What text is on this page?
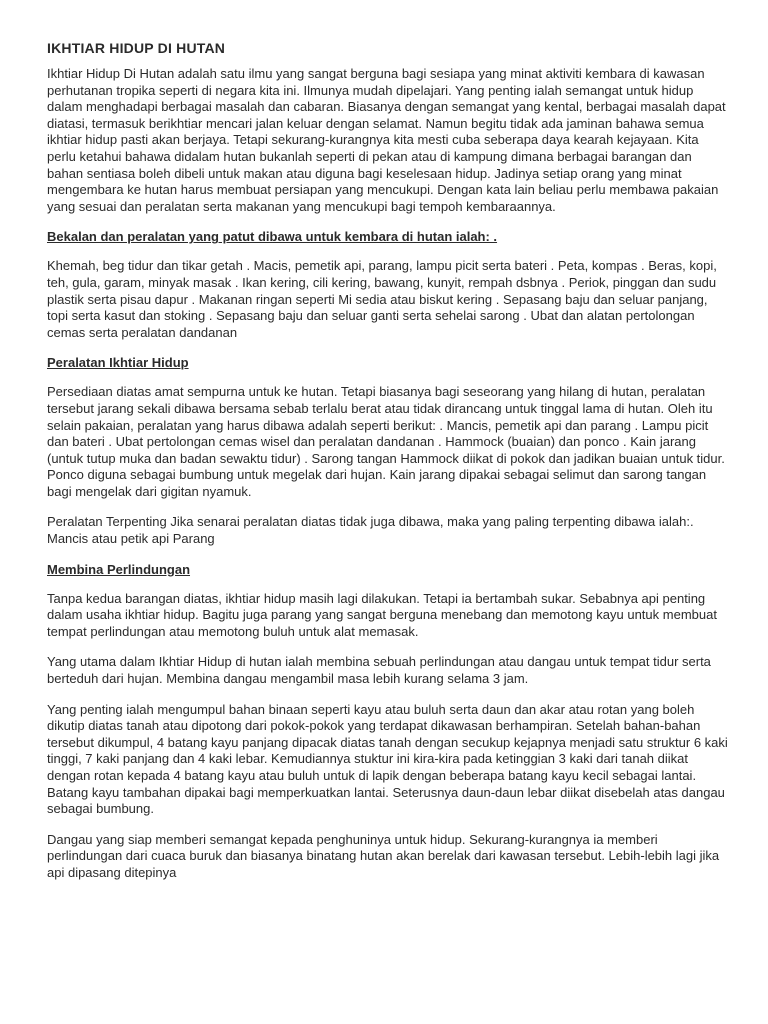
IKHTIAR HIDUP DI HUTAN

Ikhtiar Hidup Di Hutan adalah satu ilmu yang sangat berguna bagi sesiapa yang minat aktiviti kembara di kawasan perhutanan tropika seperti di negara kita ini. Ilmunya mudah dipelajari. Yang penting ialah semangat untuk hidup dalam menghadapi berbagai masalah dan cabaran. Biasanya dengan semangat yang kental, berbagai masalah dapat diatasi, termasuk berikhtiar mencari jalan keluar dengan selamat. Namun begitu tidak ada jaminan bahawa semua ikhtiar hidup pasti akan berjaya. Tetapi sekurang-kurangnya kita mesti cuba seberapa daya kearah kejayaan. Kita perlu ketahui bahawa didalam hutan bukanlah seperti di pekan atau di kampung dimana berbagai barangan dan bahan sentiasa boleh dibeli untuk makan atau diguna bagi keselesaan hidup. Jadinya setiap orang yang minat mengembara ke hutan harus membuat persiapan yang mencukupi. Dengan kata lain beliau perlu membawa pakaian yang sesuai dan peralatan serta makanan yang mencukupi bagi tempoh kembaraannya.

Bekalan dan peralatan yang patut dibawa untuk kembara di hutan ialah: .

Khemah, beg tidur dan tikar getah . Macis, pemetik api, parang, lampu picit serta bateri . Peta, kompas . Beras, kopi, teh, gula, garam, minyak masak . Ikan kering, cili kering, bawang, kunyit, rempah dsbnya . Periok, pinggan dan sudu plastik serta pisau dapur . Makanan ringan seperti Mi sedia atau biskut kering . Sepasang baju dan seluar panjang, topi serta kasut dan stoking . Sepasang baju dan seluar ganti serta sehelai sarong . Ubat dan alatan pertolongan cemas serta peralatan dandanan

Peralatan Ikhtiar Hidup

Persediaan diatas amat sempurna untuk ke hutan. Tetapi biasanya bagi seseorang yang hilang di hutan, peralatan tersebut jarang sekali dibawa bersama sebab terlalu berat atau tidak dirancang untuk tinggal lama di hutan. Oleh itu selain pakaian, peralatan yang harus dibawa adalah seperti berikut: . Mancis, pemetik api dan parang . Lampu picit dan bateri . Ubat pertolongan cemas wisel dan peralatan dandanan . Hammock (buaian) dan ponco . Kain jarang (untuk tutup muka dan badan sewaktu tidur) . Sarong tangan Hammock diikat di pokok dan jadikan buaian untuk tidur. Ponco diguna sebagai bumbung untuk megelak dari hujan. Kain jarang dipakai sebagai selimut dan sarong tangan bagi mengelak dari gigitan nyamuk.

Peralatan Terpenting Jika senarai peralatan diatas tidak juga dibawa, maka yang paling terpenting dibawa ialah:. Mancis atau petik api Parang

Membina Perlindungan

Tanpa kedua barangan diatas, ikhtiar hidup masih lagi dilakukan. Tetapi ia bertambah sukar. Sebabnya api penting dalam usaha ikhtiar hidup. Bagitu juga parang yang sangat berguna menebang dan memotong kayu untuk membuat tempat perlindungan atau memotong buluh untuk alat memasak.

Yang utama dalam Ikhtiar Hidup di hutan ialah membina sebuah perlindungan atau dangau untuk tempat tidur serta berteduh dari hujan. Membina dangau mengambil masa lebih kurang selama 3 jam.

Yang penting ialah mengumpul bahan binaan seperti kayu atau buluh serta daun dan akar atau rotan yang boleh dikutip diatas tanah atau dipotong dari pokok-pokok yang terdapat dikawasan berhampiran. Setelah bahan-bahan tersebut dikumpul, 4 batang kayu panjang dipacak diatas tanah dengan secukup kejapnya menjadi satu struktur 6 kaki tinggi, 7 kaki panjang dan 4 kaki lebar. Kemudiannya stuktur ini kira-kira pada ketinggian 3 kaki dari tanah diikat dengan rotan kepada 4 batang kayu atau buluh untuk di lapik dengan beberapa batang kayu kecil sebagai lantai. Batang kayu tambahan dipakai bagi memperkuatkan lantai. Seterusnya daun-daun lebar diikat disebelah atas dangau sebagai bumbung.

Dangau yang siap memberi semangat kepada penghuninya untuk hidup. Sekurang-kurangnya ia memberi perlindungan dari cuaca buruk dan biasanya binatang hutan akan berelak dari kawasan tersebut. Lebih-lebih lagi jika api dipasang ditepinya
